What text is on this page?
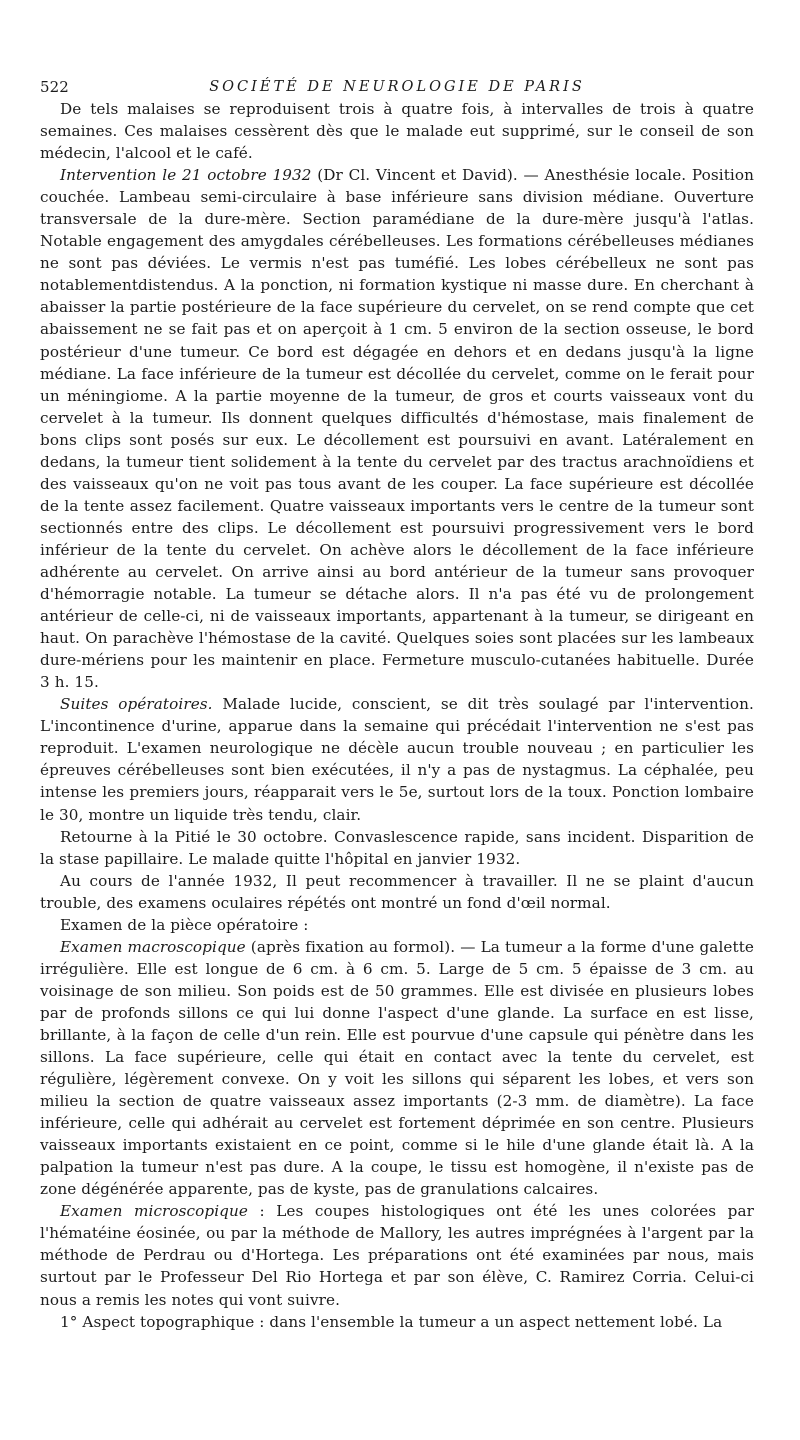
522	SOCIÉTÉ DE NEUROLOGIE DE PARIS

De tels malaises se reproduisent trois à quatre fois, à intervalles de trois à quatre semaines. Ces malaises cessèrent dès que le malade eut supprimé, sur le conseil de son médecin, l'alcool et le café.

Intervention le 21 octobre 1932 (Dr Cl. Vincent et David). — Anesthésie locale. Position couchée. Lambeau semi-circulaire à base inférieure sans division médiane. Ouverture transversale de la dure-mère. Section paramédiane de la dure-mère jusqu'à l'atlas. Notable engagement des amygdales cérébelleuses. Les formations cérébelleuses médianes ne sont pas déviées. Le vermis n'est pas tuméfié. Les lobes cérébelleux ne sont pas notablementdistendus. A la ponction, ni formation kystique ni masse dure. En cherchant à abaisser la partie postérieure de la face supérieure du cervelet, on se rend compte que cet abaissement ne se fait pas et on aperçoit à 1 cm. 5 environ de la section osseuse, le bord postérieur d'une tumeur. Ce bord est dégagée en dehors et en dedans jusqu'à la ligne médiane. La face inférieure de la tumeur est décollée du cervelet, comme on le ferait pour un méningiome. A la partie moyenne de la tumeur, de gros et courts vaisseaux vont du cervelet à la tumeur. Ils donnent quelques difficultés d'hémostase, mais finalement de bons clips sont posés sur eux. Le décollement est poursuivi en avant. Latéralement en dedans, la tumeur tient solidement à la tente du cervelet par des tractus arachnoïdiens et des vaisseaux qu'on ne voit pas tous avant de les couper. La face supérieure est décollée de la tente assez facilement. Quatre vaisseaux importants vers le centre de la tumeur sont sectionnés entre des clips. Le décollement est poursuivi progressivement vers le bord inférieur de la tente du cervelet. On achève alors le décollement de la face inférieure adhérente au cervelet. On arrive ainsi au bord antérieur de la tumeur sans provoquer d'hémorragie notable. La tumeur se détache alors. Il n'a pas été vu de prolongement antérieur de celle-ci, ni de vaisseaux importants, appartenant à la tumeur, se dirigeant en haut. On parachève l'hémostase de la cavité. Quelques soies sont placées sur les lambeaux dure-mériens pour les maintenir en place. Fermeture musculo-cutanées habituelle. Durée 3 h. 15.

Suites opératoires. Malade lucide, conscient, se dit très soulagé par l'intervention. L'incontinence d'urine, apparue dans la semaine qui précédait l'intervention ne s'est pas reproduit. L'examen neurologique ne décèle aucun trouble nouveau ; en particulier les épreuves cérébelleuses sont bien exécutées, il n'y a pas de nystagmus. La céphalée, peu intense les premiers jours, réapparait vers le 5e, surtout lors de la toux. Ponction lombaire le 30, montre un liquide très tendu, clair.

Retourne à la Pitié le 30 octobre. Convaslescence rapide, sans incident. Disparition de la stase papillaire. Le malade quitte l'hôpital en janvier 1932.

Au cours de l'année 1932, Il peut recommencer à travailler. Il ne se plaint d'aucun trouble, des examens oculaires répétés ont montré un fond d'œil normal.

Examen de la pièce opératoire :

Examen macroscopique (après fixation au formol). — La tumeur a la forme d'une galette irrégulière. Elle est longue de 6 cm. à 6 cm. 5. Large de 5 cm. 5 épaisse de 3 cm. au voisinage de son milieu. Son poids est de 50 grammes. Elle est divisée en plusieurs lobes par de profonds sillons ce qui lui donne l'aspect d'une glande. La surface en est lisse, brillante, à la façon de celle d'un rein. Elle est pourvue d'une capsule qui pénètre dans les sillons. La face supérieure, celle qui était en contact avec la tente du cervelet, est régulière, légèrement convexe. On y voit les sillons qui séparent les lobes, et vers son milieu la section de quatre vaisseaux assez importants (2-3 mm. de diamètre). La face inférieure, celle qui adhérait au cervelet est fortement déprimée en son centre. Plusieurs vaisseaux importants existaient en ce point, comme si le hile d'une glande était là. A la palpation la tumeur n'est pas dure. A la coupe, le tissu est homogène, il n'existe pas de zone dégénérée apparente, pas de kyste, pas de granulations calcaires.

Examen microscopique : Les coupes histologiques ont été les unes colorées par l'hématéine éosinée, ou par la méthode de Mallory, les autres imprégnées à l'argent par la méthode de Perdrau ou d'Hortega. Les préparations ont été examinées par nous, mais surtout par le Professeur Del Rio Hortega et par son élève, C. Ramirez Corria. Celui-ci nous a remis les notes qui vont suivre.

1° Aspect topographique : dans l'ensemble la tumeur a un aspect nettement lobé. La
